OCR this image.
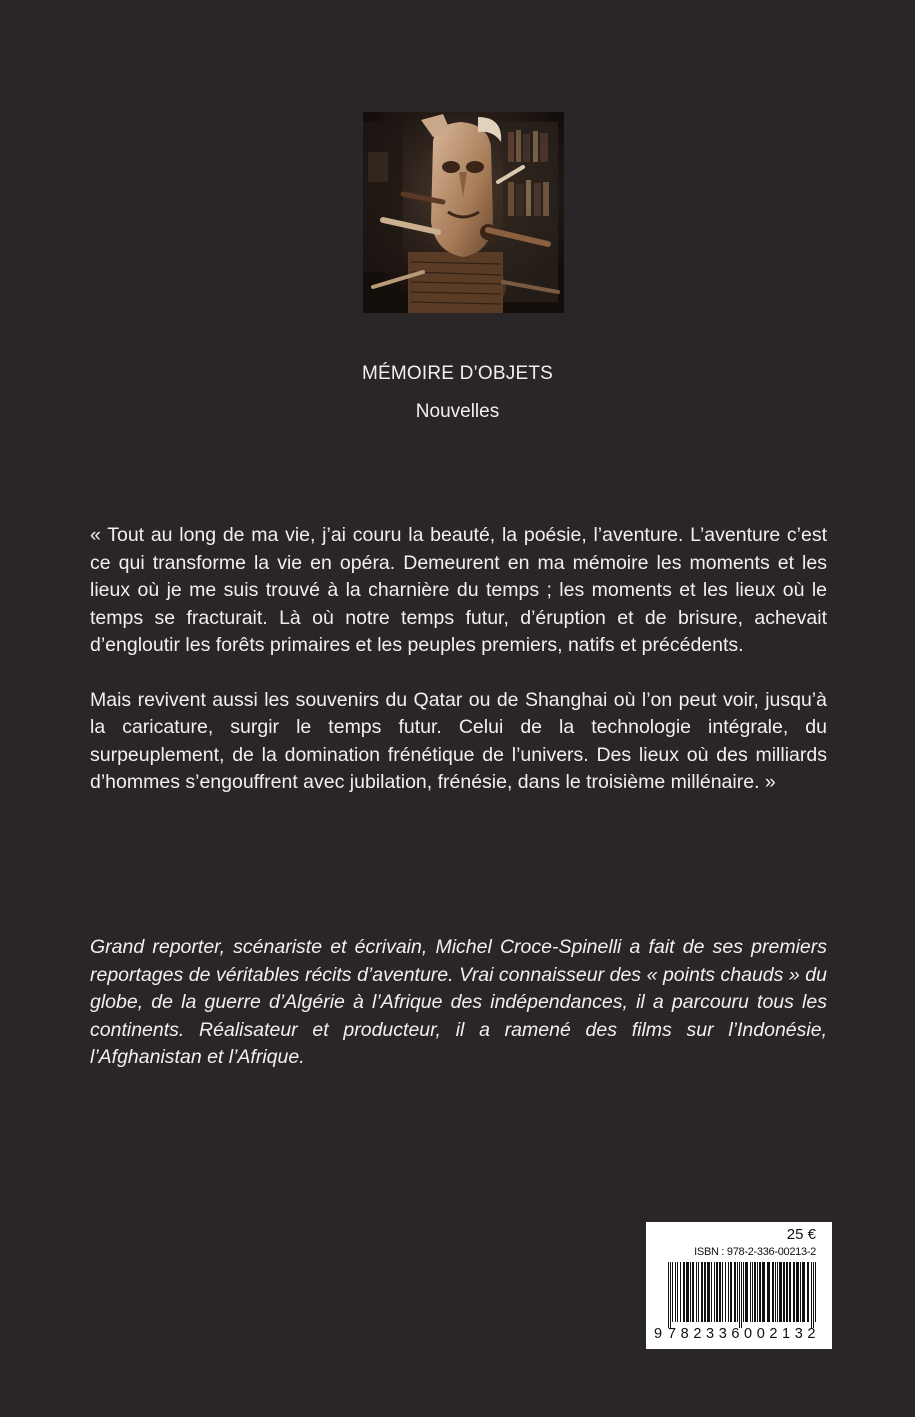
MÉMOIRE D’OBJETS
Nouvelles

« Tout au long de ma vie, j’ai couru la beauté, la poésie, l’aventure. L’aventure c’est ce qui transforme la vie en opéra. Demeurent en ma mémoire les moments et les lieux où je me suis trouvé à la charnière du temps ; les moments et les lieux où le temps se fracturait. Là où notre temps futur, d’éruption et de brisure, achevait d’engloutir les forêts primaires et les peuples premiers, natifs et précédents.

Mais revivent aussi les souvenirs du Qatar ou de Shanghai où l’on peut voir, jusqu’à la caricature, surgir le temps futur. Celui de la technologie intégrale, du surpeuplement, de la domination frénétique de l’univers. Des lieux où des milliards d’hommes s’engouffrent avec jubilation, frénésie, dans le troisième millénaire. »

Grand reporter, scénariste et écrivain, Michel Croce-Spinelli a fait de ses premiers reportages de véritables récits d’aventure. Vrai connaisseur des « points chauds » du globe, de la guerre d’Algérie à l’Afrique des indépendances, il a parcouru tous les continents. Réalisateur et producteur, il a ramené des films sur l’Indonésie, l’Afghanistan et l’Afrique.
25 €
ISBN : 978-2-336-00213-2
9 7 8 2 3 3 6 0 0 2 1 3 2
